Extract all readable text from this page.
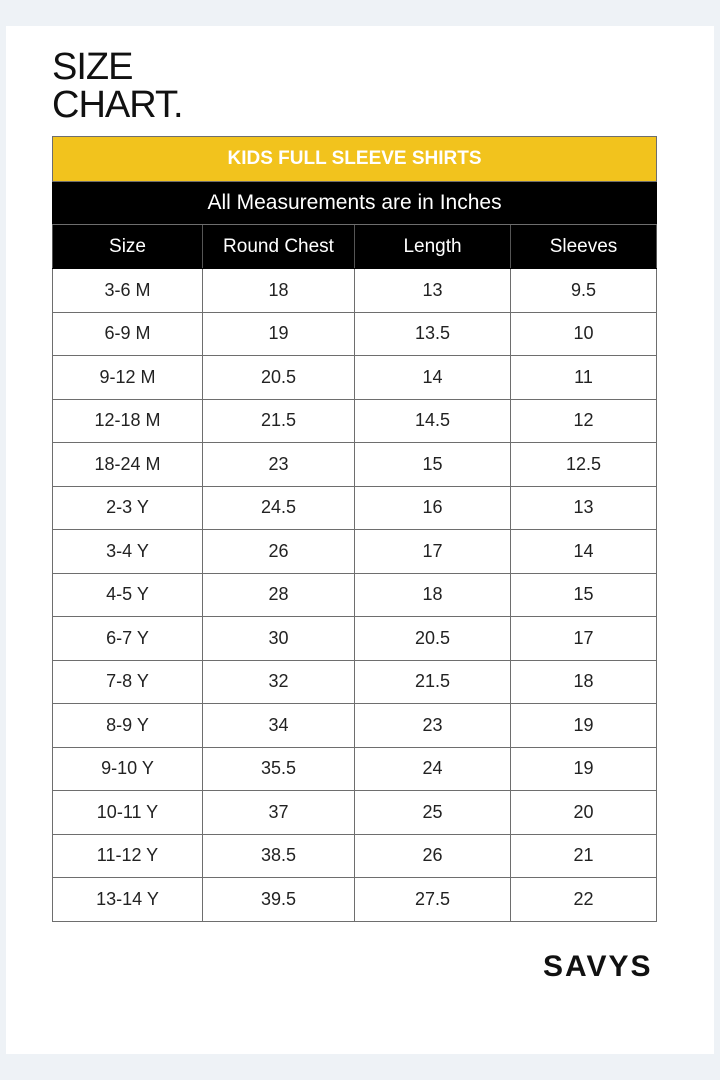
SIZE
CHART.
KIDS FULL SLEEVE SHIRTS			
All Measurements are in Inches			
Size	Round Chest	Length	Sleeves
3-6 M	18	13	9.5
6-9 M	19	13.5	10
9-12 M	20.5	14	11
12-18 M	21.5	14.5	12
18-24 M	23	15	12.5
2-3 Y	24.5	16	13
3-4 Y	26	17	14
4-5 Y	28	18	15
6-7 Y	30	20.5	17
7-8 Y	32	21.5	18
8-9 Y	34	23	19
9-10 Y	35.5	24	19
10-11 Y	37	25	20
11-12 Y	38.5	26	21
13-14 Y	39.5	27.5	22
SAVYS
